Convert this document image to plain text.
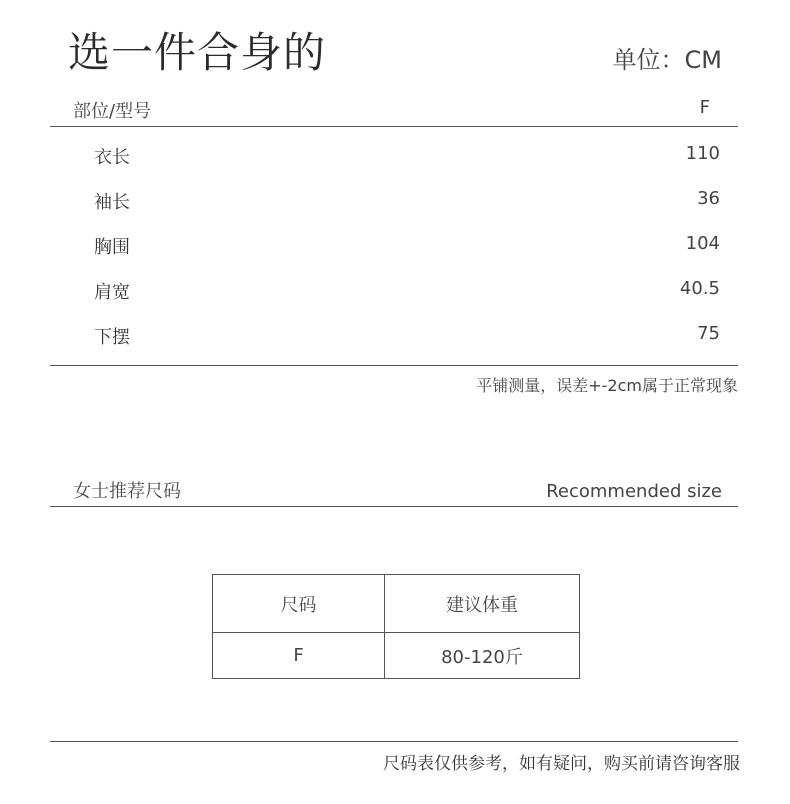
选一件合身的	单位：CM
部位/型号	F
衣长	110
袖长	36
胸围	104
肩宽	40.5
下摆	75
平铺测量，误差+-2cm属于正常现象
女士推荐尺码	Recommended size
尺码	建议体重
F	80-120斤
尺码表仅供参考，如有疑问，购买前请咨询客服
